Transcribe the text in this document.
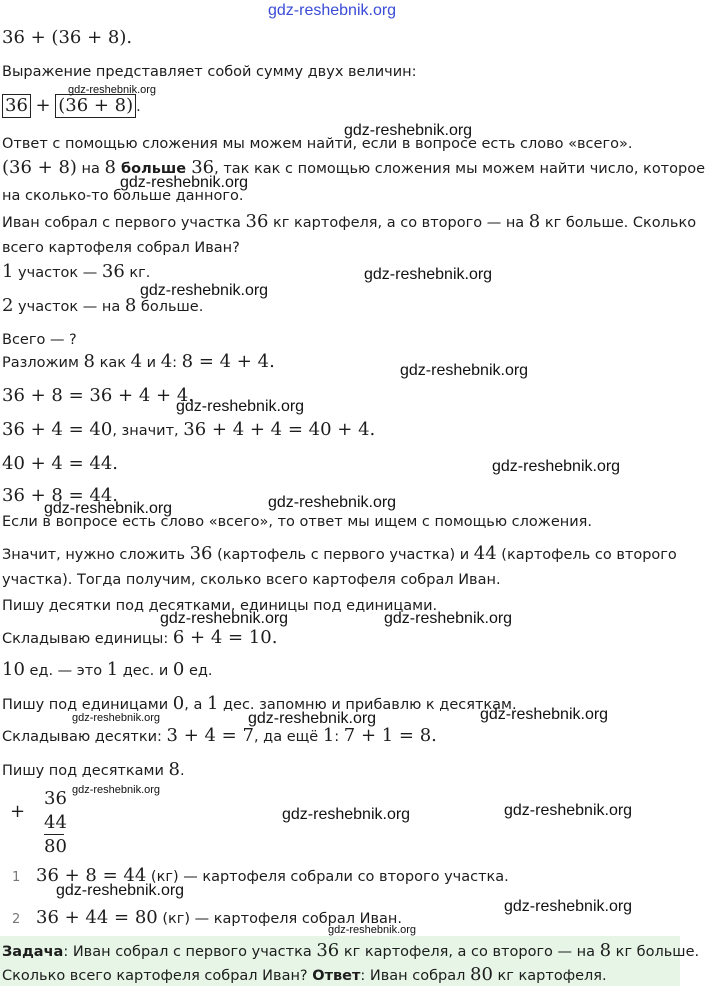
gdz-reshebnik.org
36 + (36 + 8).
Выражение представляет собой сумму двух величин:
36 + (36 + 8) .
gdz-reshebnik.org
Ответ с помощью сложения мы можем найти, если в вопросе есть слово «всего».
gdz-reshebnik.org
(36 + 8) на 8 больше 36, так как с помощью сложения мы можем найти число, которое
на сколько-то больше данного.
gdz-reshebnik.org
Иван собрал с первого участка 36 кг картофеля, а со второго — на 8 кг больше. Сколько
всего картофеля собрал Иван?
1 участок — 36 кг.	gdz-reshebnik.org
gdz-reshebnik.org
2 участок — на 8 больше.
Всего — ?
Разложим 8 как 4 и 4: 8 = 4 + 4.	gdz-reshebnik.org
36 + 8 = 36 + 4 + 4.
gdz-reshebnik.org
36 + 4 = 40, значит, 36 + 4 + 4 = 40 + 4.
40 + 4 = 44.	gdz-reshebnik.org
36 + 8 = 44.
gdz-reshebnik.org	gdz-reshebnik.org
Если в вопросе есть слово «всего», то ответ мы ищем с помощью сложения.
Значит, нужно сложить 36 (картофель с первого участка) и 44 (картофель со второго
участка). Тогда получим, сколько всего картофеля собрал Иван.
Пишу десятки под десятками, единицы под единицами.
gdz-reshebnik.org	gdz-reshebnik.org
Складываю единицы: 6 + 4 = 10.
10 ед. — это 1 дес. и 0 ед.
Пишу под единицами 0, а 1 дес. запомню и прибавлю к десяткам.
gdz-reshebnik.org	gdz-reshebnik.org	gdz-reshebnik.org
Складываю десятки: 3 + 4 = 7, да ещё 1: 7 + 1 = 8.
Пишу под десятками 8.
+
36
44
80
gdz-reshebnik.org
gdz-reshebnik.org	gdz-reshebnik.org
1 36 + 8 = 44 (кг) — картофеля собрали со второго участка.
gdz-reshebnik.org
2 36 + 44 = 80 (кг) — картофеля собрал Иван.
gdz-reshebnik.org
gdz-reshebnik.org
Задача: Иван собрал с первого участка 36 кг картофеля, а со второго — на 8 кг больше.
Сколько всего картофеля собрал Иван? Ответ: Иван собрал 80 кг картофеля.
